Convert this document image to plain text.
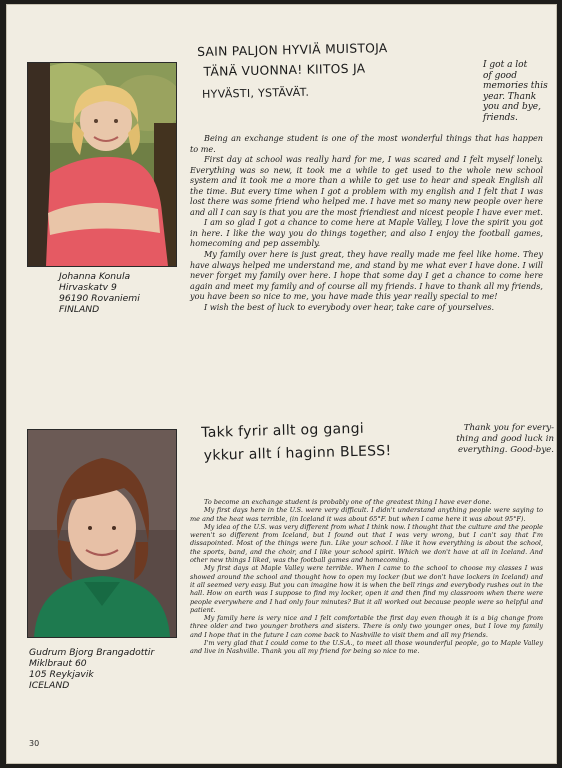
Johanna Konula
Hirvaskatv 9
96190 Rovaniemi
FINLAND
SAIN PALJON HYVIÄ MUISTOJA
TÄNÄ VUONNA! KIITOS JA
HYVÄSTI, YSTÄVÄT.
I got a lot
of good
memories this
year. Thank
you and bye,
friends.

Being an exchange student is one of the most wonderful things that has happen to me.

First day at school was really hard for me, I was scared and I felt myself lonely. Everything was so new, it took me a while to get used to the whole new school system and it took me a more than a while to get use to hear and speak English all the time. But every time when I got a problem with my english and I felt that I was lost there was some friend who helped me. I have met so many new people over here and all I can say is that you are the most friendiest and nicest people I have ever met.

I am so glad I got a chance to come here at Maple Valley, I love the spirit you got in here. I like the way you do things together, and also I enjoy the football games, homecoming and pep assembly.

My family over here is just great, they have really made me feel like home. They have always helped me understand me, and stand by me what ever I have done. I will never forget my family over here. I hope that some day I get a chance to come here again and meet my family and of course all my friends. I have to thank all my friends, you have been so nice to me, you have made this year really special to me!

I wish the best of luck to everybody over hear, take care of yourselves.

Gudrum Bjorg Brangadottir
Miklbraut 60
105 Reykjavik
ICELAND
Takk fyrir allt og gangi
ykkur allt í haginn BLESS!
Thank you for every-
thing and good luck in
everything. Good-bye.

To become an exchange student is probably one of the greatest thing I have ever done.

My first days here in the U.S. were very difficult. I didn't understand anything people were saying to me and the heat was terrible, (in Iceland it was about 65°F. but when I came here it was about 95°F).

My idea of the U.S. was very different from what I think now. I thought that the culture and the people weren't so different from Iceland, but I found out that I was very wrong, but I can't say that I'm dissapointed. Most of the things were fun. Like your school. I like it how everything is about the school, the sports, band, and the choir, and I like your school spirit. Which we don't have at all in Iceland. And other new things I liked, was the football games and homecoming.

My first days at Maple Valley were terrible. When I came to the school to choose my classes I was showed around the school and thought how to open my locker (but we don't have lockers in Iceland) and it all seemed very easy. But you can imagine how it is when the bell rings and everybody rushes out in the hall. How on earth was I suppose to find my locker, open it and then find my classroom when there were people everywhere and I had only four minutes? But it all worked out because people were so helpful and patient.

My family here is very nice and I felt comfortable the first day even though it is a big change from three older and two younger brothers and sisters. There is only two younger ones, but I love my family and I hope that in the future I can come back to Nashville to visit them and all my friends.

I'm very glad that I could come to the U.S.A., to meet all those wounderful people, go to Maple Valley and live in Nashville. Thank you all my friend for being so nice to me.

30
